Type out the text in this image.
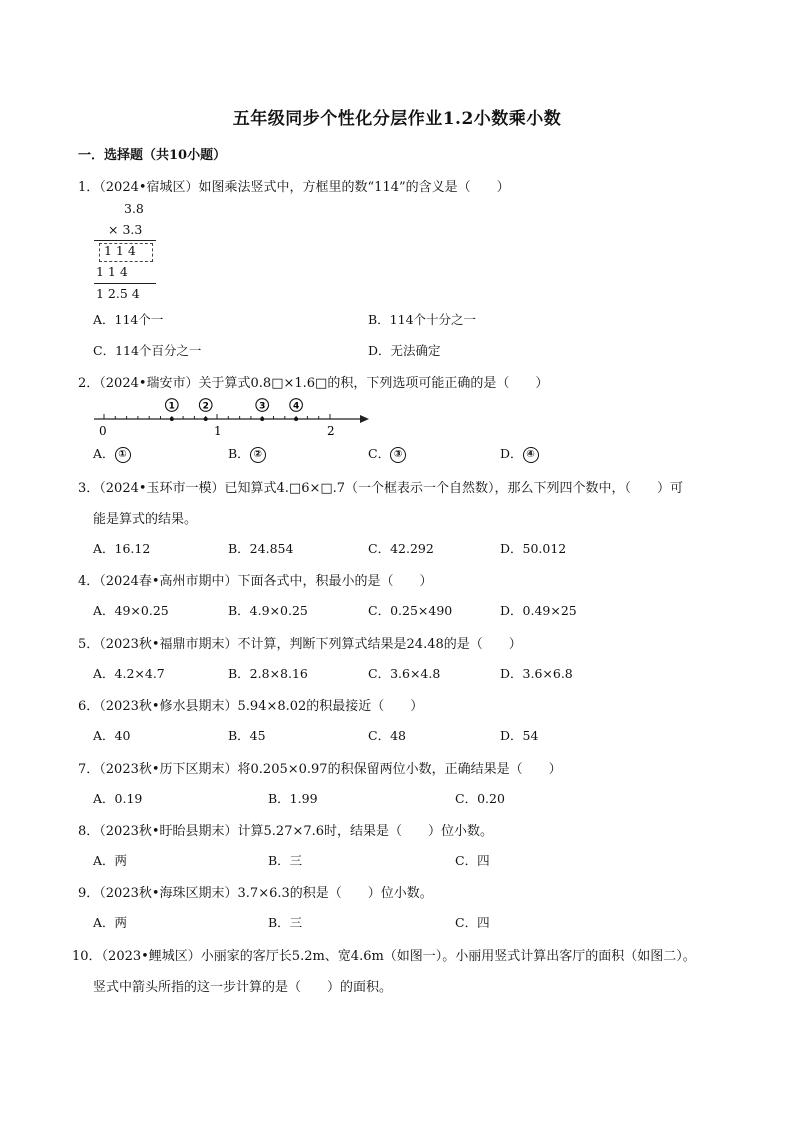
五年级同步个性化分层作业1.2小数乘小数
一．选择题（共10小题）
1．（2024•宿城区）如图乘法竖式中，方框里的数“114”的含义是（　　）
3.8
× 3.3
1 1 4
1 1 4
1 2.5 4
A．114个一	B．114个十分之一
C．114个百分之一	D．无法确定
2．（2024•瑞安市）关于算式0.8□×1.6□的积，下列选项可能正确的是（　　）
1	2	3	4
0	1	2
A． ①	B． ②	C． ③	D． ④
3．（2024•玉环市一模）已知算式4.□6×□.7（一个框表示一个自然数），那么下列四个数中，（　　）可
能是算式的结果。
A．16.12	B．24.854	C．42.292	D．50.012
4．（2024春•高州市期中）下面各式中，积最小的是（　　）
A．49×0.25	B．4.9×0.25	C．0.25×490	D．0.49×25
5．（2023秋•福鼎市期末）不计算，判断下列算式结果是24.48的是（　　）
A．4.2×4.7	B．2.8×8.16	C．3.6×4.8	D．3.6×6.8
6．（2023秋•修水县期末）5.94×8.02的积最接近（　　）
A．40	B．45	C．48	D．54
7．（2023秋•历下区期末）将0.205×0.97的积保留两位小数，正确结果是（　　）
A．0.19	B．1.99	C．0.20
8．（2023秋•盱眙县期末）计算5.27×7.6时，结果是（　　）位小数。
A．两	B．三	C．四
9．（2023秋•海珠区期末）3.7×6.3的积是（　　）位小数。
A．两	B．三	C．四
10．（2023•鲤城区）小丽家的客厅长5.2m、宽4.6m（如图一）。小丽用竖式计算出客厅的面积（如图二）。
竖式中箭头所指的这一步计算的是（　　）的面积。
